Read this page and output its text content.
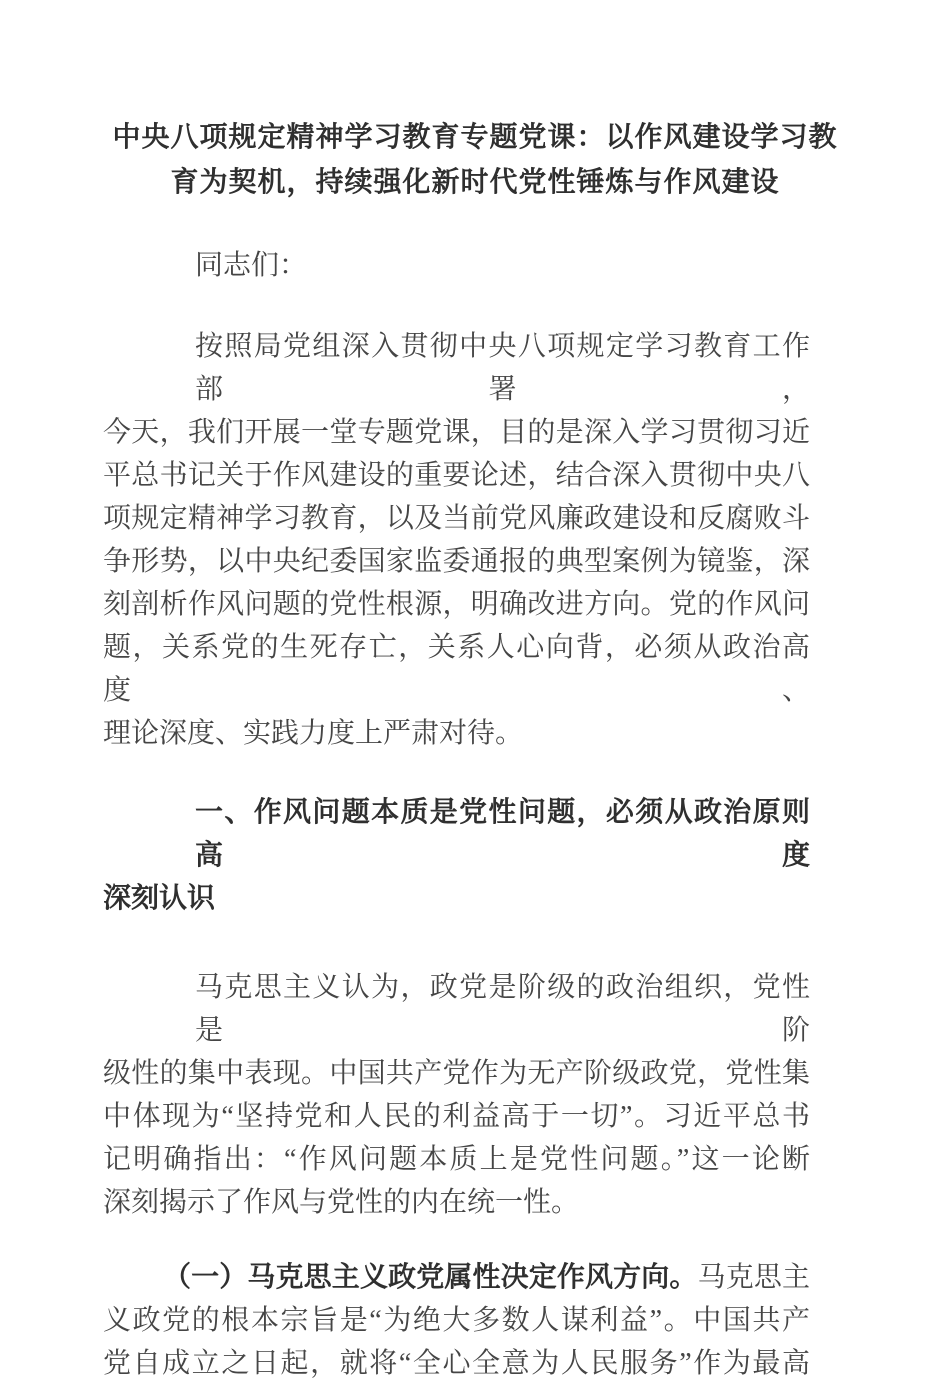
中央八项规定精神学习教育专题党课：以作风建设学习教
育为契机，持续强化新时代党性锤炼与作风建设
同志们：
按照局党组深入贯彻中央八项规定学习教育工作部署，
今天，我们开展一堂专题党课，目的是深入学习贯彻习近
平总书记关于作风建设的重要论述，结合深入贯彻中央八
项规定精神学习教育，以及当前党风廉政建设和反腐败斗
争形势，以中央纪委国家监委通报的典型案例为镜鉴，深
刻剖析作风问题的党性根源，明确改进方向。党的作风问
题，关系党的生死存亡，关系人心向背，必须从政治高度、
理论深度、实践力度上严肃对待。
一、作风问题本质是党性问题，必须从政治原则高度
深刻认识
马克思主义认为，政党是阶级的政治组织，党性是阶
级性的集中表现。中国共产党作为无产阶级政党，党性集
中体现为“坚持党和人民的利益高于一切”。习近平总书
记明确指出：“作风问题本质上是党性问题。”这一论断
深刻揭示了作风与党性的内在统一性。
（一）马克思主义政党属性决定作风方向。马克思主
义政党的根本宗旨是“为绝大多数人谋利益”。中国共产
党自成立之日起，就将“全心全意为人民服务”作为最高
